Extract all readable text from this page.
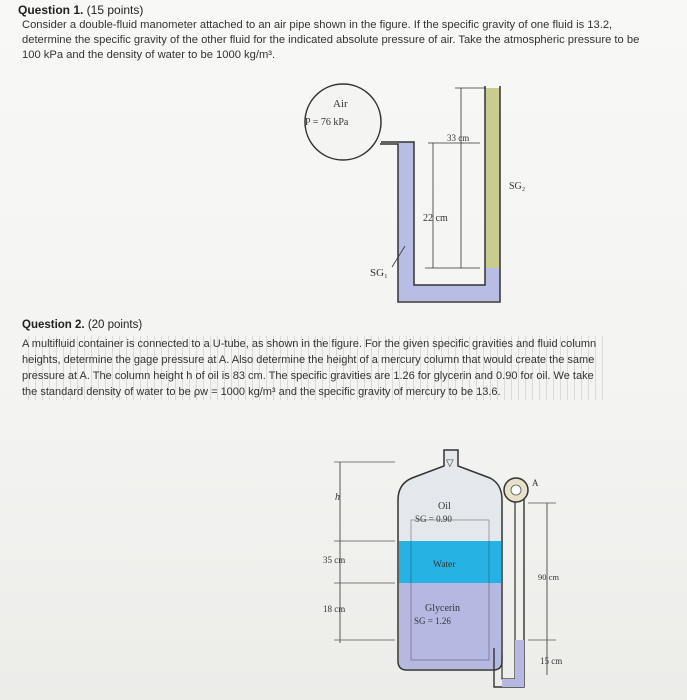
Question 1. (15 points)
Consider a double-fluid manometer attached to an air pipe shown in the figure. If the specific gravity of one fluid is 13.2, determine the specific gravity of the other fluid for the indicated absolute pressure of air. Take the atmospheric pressure to be 100 kPa and the density of water to be 1000 kg/m³.
Air
P = 76 kPa
33 cm
22 cm
SG₂
SG₁
Question 2. (20 points)
A multifluid container is connected to a U-tube, as shown in the figure. For the given specific gravities and fluid column heights, determine the gage pressure at A. Also determine the height of a mercury column that would create the same pressure at A. The column height h of oil is 83 cm. The specific gravities are 1.26 for glycerin and 0.90 for oil. We take the standard density of water to be ρw = 1000 kg/m³ and the specific gravity of mercury to be 13.6.
h
35 cm
18 cm
▽
Oil
SG = 0.90
Water
Glycerin
SG = 1.26
A
90 cm
15 cm
